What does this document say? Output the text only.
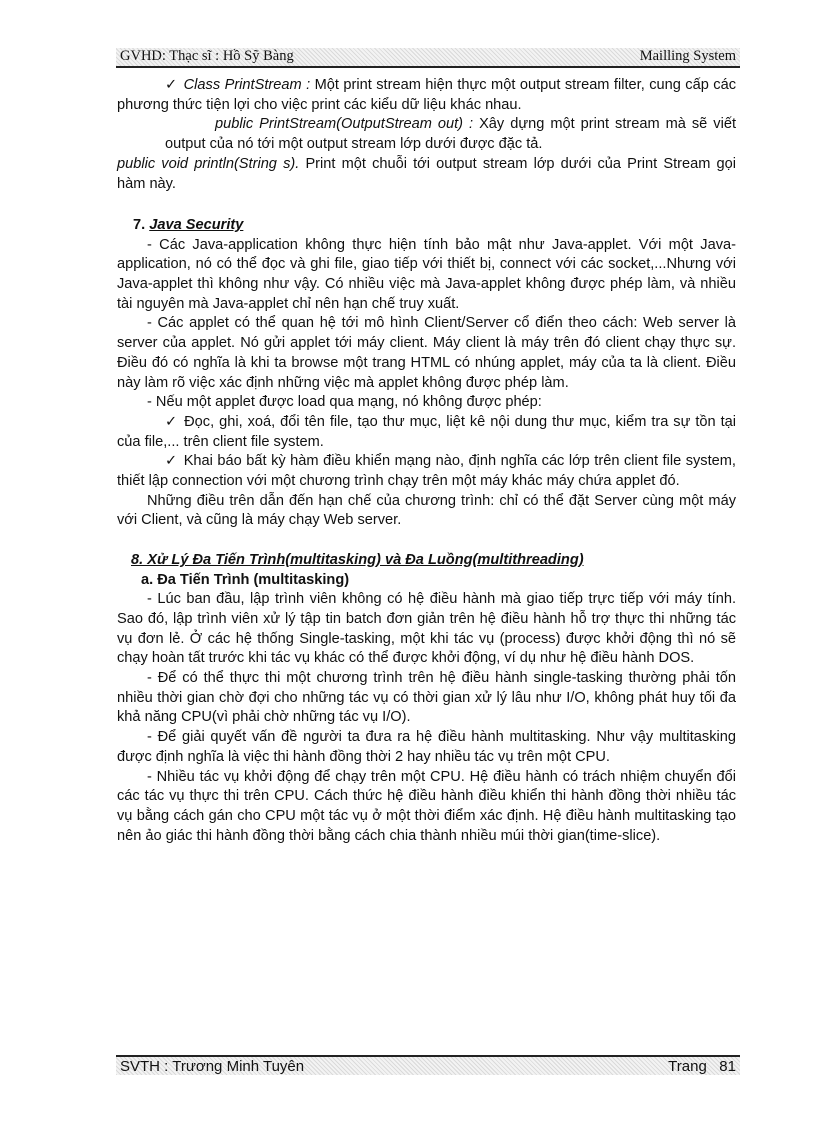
GVHD: Thạc sĩ : Hồ Sỹ Bàng	Mailling System

✓ Class PrintStream : Một print stream hiện thực một output stream filter, cung cấp các phương thức tiện lợi cho việc print các kiểu dữ liệu khác nhau.

public PrintStream(OutputStream out) : Xây dựng một print stream mà sẽ viết output của nó tới một output stream lớp dưới được đặc tả.

public void println(String s). Print một chuỗi tới output stream lớp dưới của Print Stream gọi hàm này.

7. Java Security

- Các Java-application không thực hiện tính bảo mật như Java-applet. Với một Java-application, nó có thể đọc và ghi file, giao tiếp với thiết bị, connect với các socket,...Nhưng với Java-applet thì không như vậy. Có nhiều việc mà Java-applet không được phép làm, và nhiều tài nguyên mà Java-applet chỉ nên hạn chế truy xuất.

- Các applet có thể quan hệ tới mô hình Client/Server cổ điển theo cách: Web server là server của applet. Nó gửi applet tới máy client. Máy client là máy trên đó client chạy thực sự. Điều đó có nghĩa là khi ta browse một trang HTML có nhúng applet, máy của ta là client. Điều này làm rõ việc xác định những việc mà applet không được phép làm.

- Nếu một applet được load qua mạng, nó không được phép:

✓ Đọc, ghi, xoá, đổi tên file, tạo thư mục, liệt kê nội dung thư mục, kiểm tra sự tồn tại của file,... trên client file system.

✓ Khai báo bất kỳ hàm điều khiển mạng nào, định nghĩa các lớp trên client file system, thiết lập connection với một chương trình chạy trên một máy khác máy chứa applet đó.

Những điều trên dẫn đến hạn chế của chương trình: chỉ có thể đặt Server cùng một máy với Client, và cũng là máy chạy Web server.

8. Xử Lý Đa Tiến Trình(multitasking) và Đa Luồng(multithreading)

a. Đa Tiến Trình (multitasking)

- Lúc ban đầu, lập trình viên không có hệ điều hành mà giao tiếp trực tiếp với máy tính. Sao đó, lập trình viên xử lý tập tin batch đơn giản trên hệ điều hành hỗ trợ thực thi những tác vụ đơn lẻ. Ở các hệ thống Single-tasking, một khi tác vụ (process) được khởi động thì nó sẽ chạy hoàn tất trước khi tác vụ khác có thể được khởi động, ví dụ như hệ điều hành DOS.

- Để có thể thực thi một chương trình trên hệ điều hành single-tasking thường phải tốn nhiều thời gian chờ đợi cho những tác vụ có thời gian xử lý lâu như I/O, không phát huy tối đa khả năng CPU(vì phải chờ những tác vụ I/O).

- Để giải quyết vấn đề người ta đưa ra hệ điều hành multitasking. Như vậy multitasking được định nghĩa là việc thi hành đồng thời 2 hay nhiều tác vụ trên một CPU.

- Nhiều tác vụ khởi động để chạy trên một CPU. Hệ điều hành có trách nhiệm chuyển đổi các tác vụ thực thi trên CPU. Cách thức hệ điều hành điều khiển thi hành đồng thời nhiều tác vụ bằng cách gán cho CPU một tác vụ ở một thời điểm xác định. Hệ điều hành multitasking tạo nên ảo giác thi hành đồng thời bằng cách chia thành nhiều múi thời gian(time-slice).

SVTH : Trương Minh Tuyên	Trang   81
